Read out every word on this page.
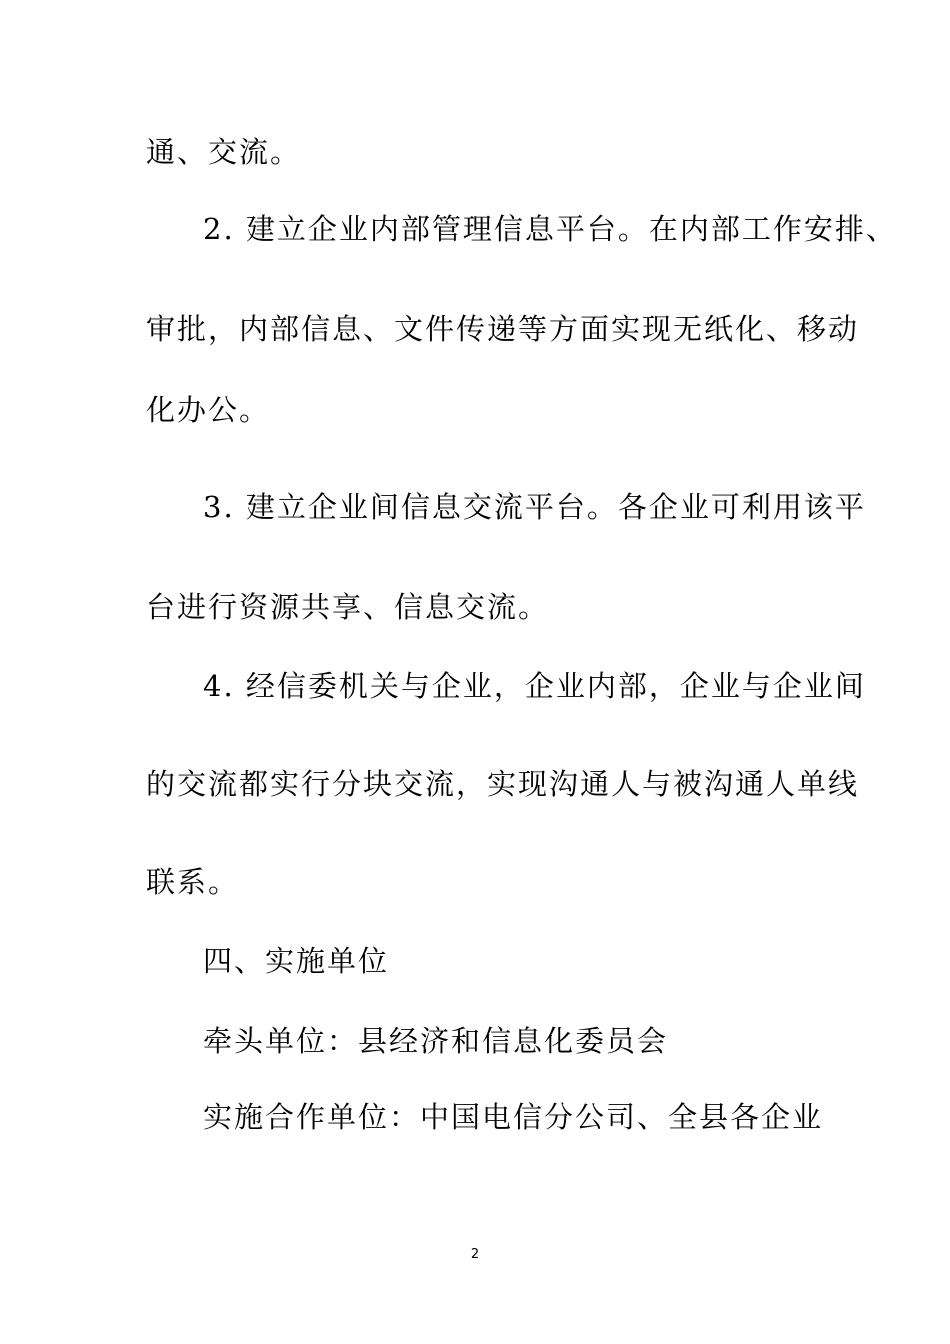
通、交流。
2. 建立企业内部管理信息平台。在内部工作安排、
审批，内部信息、文件传递等方面实现无纸化、移动
化办公。
3. 建立企业间信息交流平台。各企业可利用该平
台进行资源共享、信息交流。
4. 经信委机关与企业，企业内部，企业与企业间
的交流都实行分块交流，实现沟通人与被沟通人单线
联系。
四、实施单位
牵头单位：县经济和信息化委员会
实施合作单位：中国电信分公司、全县各企业
2
